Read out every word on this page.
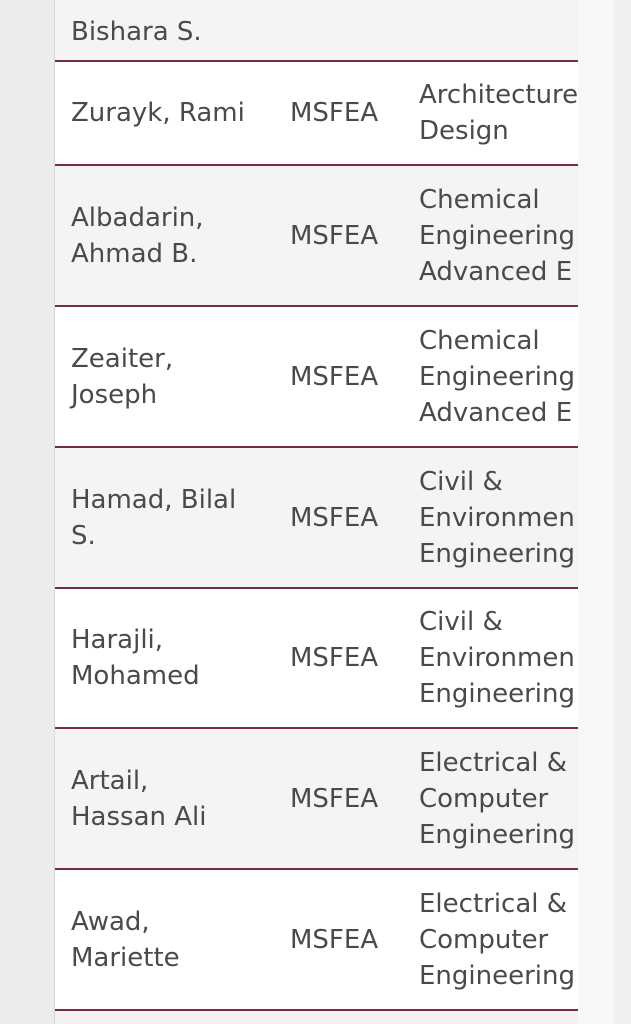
Bishara S.
Zurayk, Rami MSFEA
Architecture
Design
Albadarin,
Ahmad B.
MSFEA
Chemical
Engineering
Advanced E
Zeaiter,
Joseph
MSFEA
Chemical
Engineering
Advanced E
Hamad, Bilal
S.
MSFEA
Civil &
Environmen
Engineering
Harajli,
Mohamed
MSFEA
Civil &
Environmen
Engineering
Artail,
Hassan Ali
MSFEA
Electrical &
Computer
Engineering
Awad,
Mariette
MSFEA
Electrical &
Computer
Engineering
